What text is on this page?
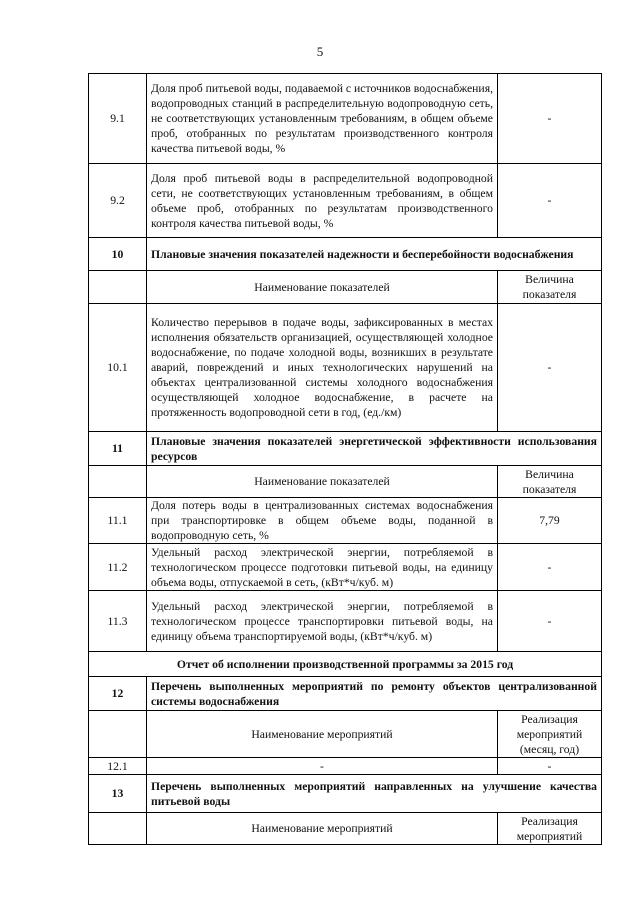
5
9.1	Доля проб питьевой воды, подаваемой с источников водоснабжения, водопроводных станций в распределительную водопроводную сеть, не соответствующих установленным требованиям, в общем объеме проб, отобранных по результатам производственного контроля качества питьевой воды, %	-
9.2	Доля проб питьевой воды в распределительной водопроводной сети, не соответствующих установленным требованиям, в общем объеме проб, отобранных по результатам производственного контроля качества питьевой воды, %	-
10	Плановые значения показателей надежности и бесперебойности водоснабжения	
	Наименование показателей	Величина показателя
10.1	Количество перерывов в подаче воды, зафиксированных в местах исполнения обязательств организацией, осуществляющей холодное водоснабжение, по подаче холодной воды, возникших в результате аварий, повреждений и иных технологических нарушений на объектах централизованной системы холодного водоснабжения осуществляющей холодное водоснабжение, в расчете на протяженность водопроводной сети в год, (ед./км)	-
11	Плановые значения показателей энергетической эффективности использования ресурсов	
	Наименование показателей	Величина показателя
11.1	Доля потерь воды в централизованных системах водоснабжения при транспортировке в общем объеме воды, поданной в водопроводную сеть, %	7,79
11.2	Удельный расход электрической энергии, потребляемой в технологическом процессе подготовки питьевой воды, на единицу объема воды, отпускаемой в сеть, (кВт*ч/куб. м)	-
11.3	Удельный расход электрической энергии, потребляемой в технологическом процессе транспортировки питьевой воды, на единицу объема транспортируемой воды, (кВт*ч/куб. м)	-
Отчет об исполнении производственной программы за 2015 год		
12	Перечень выполненных мероприятий по ремонту объектов централизованной системы водоснабжения	
	Наименование мероприятий	Реализация мероприятий (месяц, год)
12.1	-	-
13	Перечень выполненных мероприятий направленных на улучшение качества питьевой воды	
	Наименование мероприятий	Реализация мероприятий
